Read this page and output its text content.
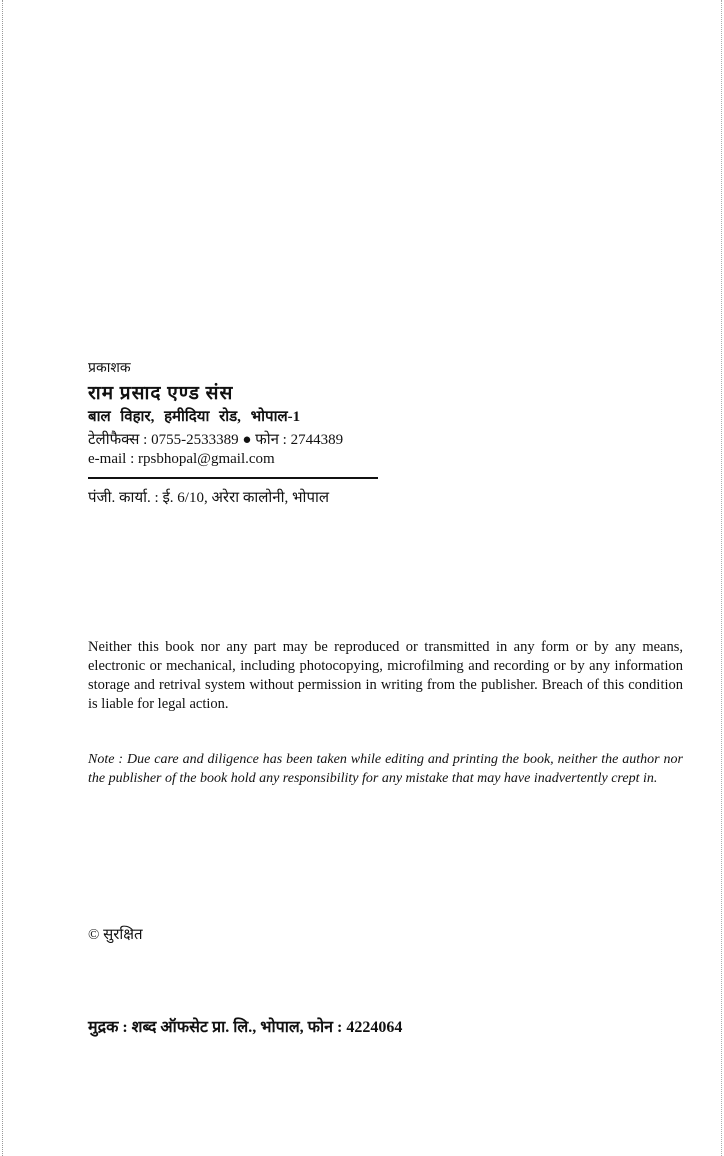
प्रकाशक
राम प्रसाद एण्ड संस
बाल विहार, हमीदिया रोड, भोपाल-1
टेलीफैक्स : 0755-2533389 ● फोन : 2744389
e-mail : rpsbhopal@gmail.com
पंजी. कार्या. : ई. 6/10, अरेरा कालोनी, भोपाल
Neither this book nor any part may be reproduced or transmitted in any form or by any means, electronic or mechanical, including photocopying, microfilming and recording or by any information storage and retrival system without permission in writing from the publisher. Breach of this condition is liable for legal action.
Note : Due care and diligence has been taken while editing and printing the book, neither the author nor the publisher of the book hold any responsibility for any mistake that may have inadvertently crept in.
© सुरक्षित
मुद्रक : शब्द ऑफसेट प्रा. लि., भोपाल, फोन : 4224064
